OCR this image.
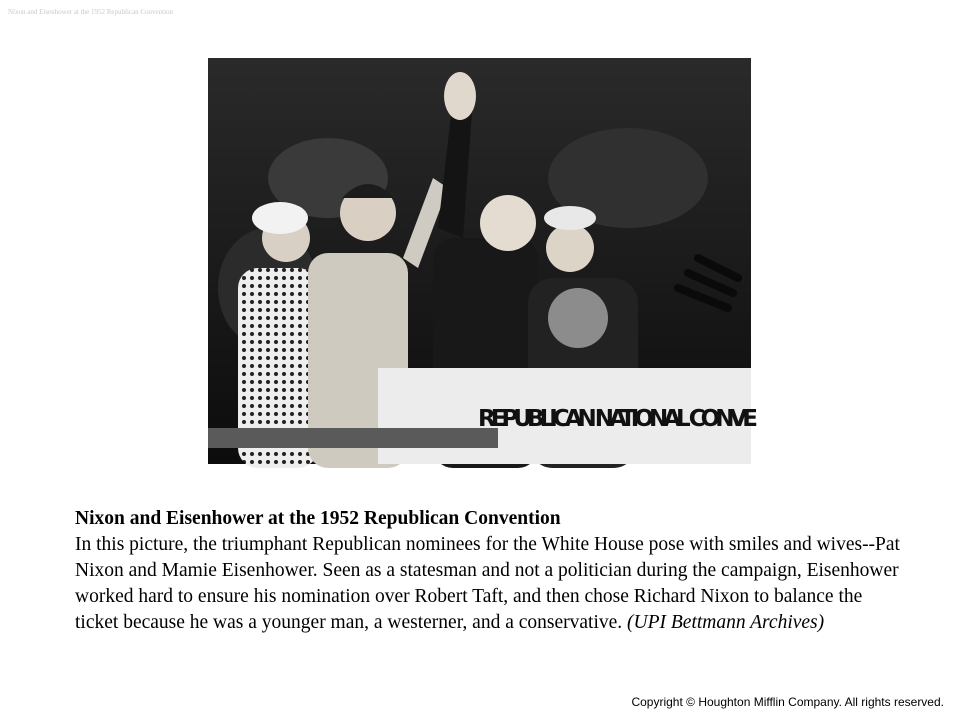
Nixon and Eisenhower at the 1952 Republican Convention
REPUBLICAN NATIONAL CONVE
Nixon and Eisenhower at the 1952 Republican Convention
In this picture, the triumphant Republican nominees for the White House pose with smiles and wives--Pat Nixon and Mamie Eisenhower. Seen as a statesman and not a politician during the campaign, Eisenhower worked hard to ensure his nomination over Robert Taft, and then chose Richard Nixon to balance the ticket because he was a younger man, a westerner, and a conservative. (UPI Bettmann Archives)
Copyright © Houghton Mifflin Company. All rights reserved.
